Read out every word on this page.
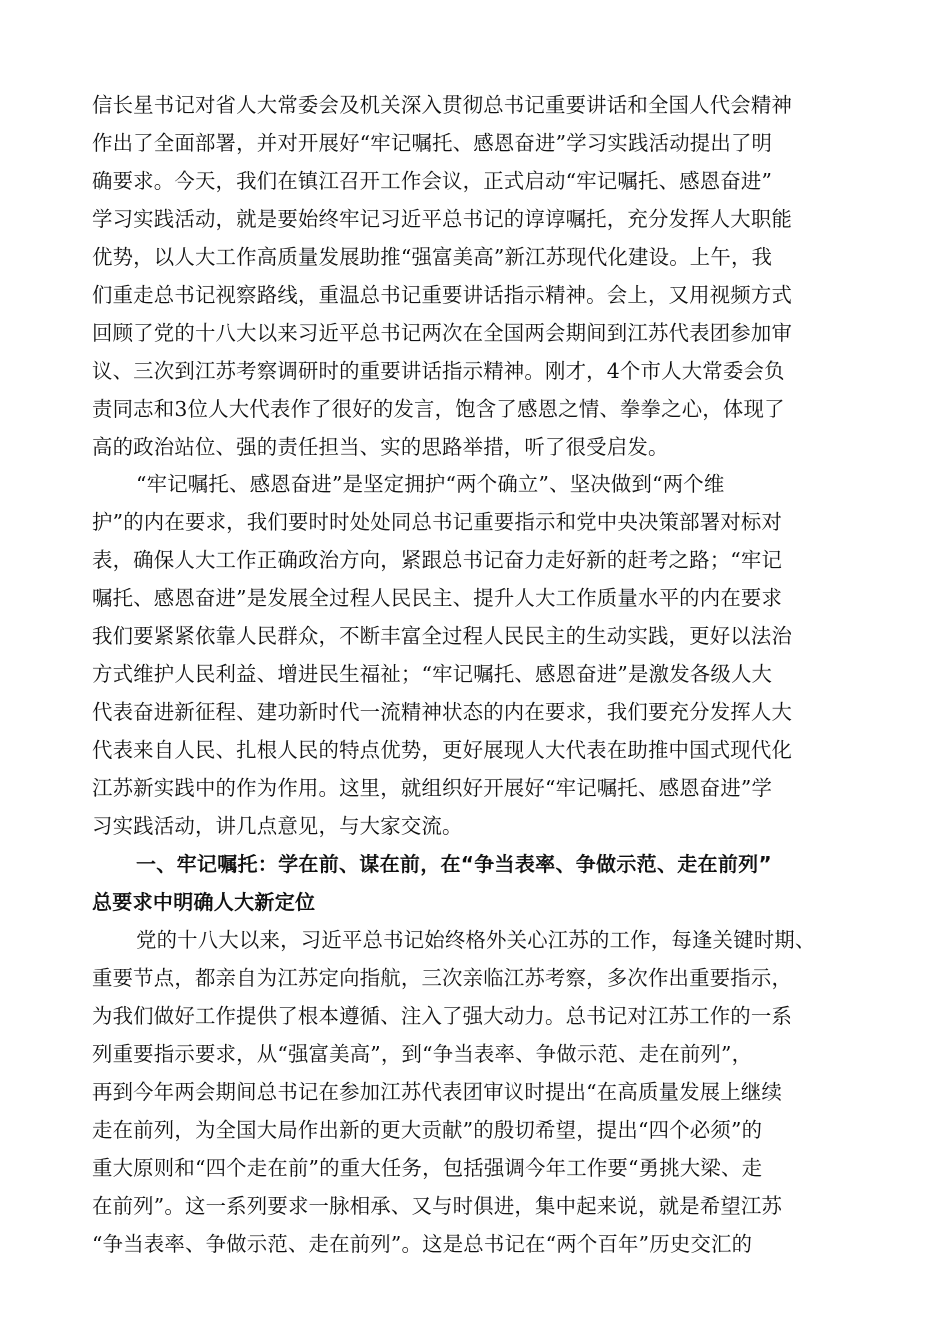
信长星书记对省人大常委会及机关深入贯彻总书记重要讲话和全国人代会精神
作出了全面部署，并对开展好“牢记嘱托、感恩奋进”学习实践活动提出了明
确要求。今天，我们在镇江召开工作会议，正式启动“牢记嘱托、感恩奋进”
学习实践活动，就是要始终牢记习近平总书记的谆谆嘱托，充分发挥人大职能
优势，以人大工作高质量发展助推“强富美高”新江苏现代化建设。上午，我
们重走总书记视察路线，重温总书记重要讲话指示精神。会上，又用视频方式
回顾了党的十八大以来习近平总书记两次在全国两会期间到江苏代表团参加审
议、三次到江苏考察调研时的重要讲话指示精神。刚才，4个市人大常委会负
责同志和3位人大代表作了很好的发言，饱含了感恩之情、拳拳之心，体现了
高的政治站位、强的责任担当、实的思路举措，听了很受启发。
“牢记嘱托、感恩奋进”是坚定拥护“两个确立”、坚决做到“两个维
护”的内在要求，我们要时时处处同总书记重要指示和党中央决策部署对标对
表，确保人大工作正确政治方向，紧跟总书记奋力走好新的赶考之路；“牢记
嘱托、感恩奋进”是发展全过程人民民主、提升人大工作质量水平的内在要求
我们要紧紧依靠人民群众，不断丰富全过程人民民主的生动实践，更好以法治
方式维护人民利益、增进民生福祉；“牢记嘱托、感恩奋进”是激发各级人大
代表奋进新征程、建功新时代一流精神状态的内在要求，我们要充分发挥人大
代表来自人民、扎根人民的特点优势，更好展现人大代表在助推中国式现代化
江苏新实践中的作为作用。这里，就组织好开展好“牢记嘱托、感恩奋进”学
习实践活动，讲几点意见，与大家交流。
一、牢记嘱托：学在前、谋在前，在“争当表率、争做示范、走在前列”
总要求中明确人大新定位
党的十八大以来，习近平总书记始终格外关心江苏的工作，每逢关键时期、
重要节点，都亲自为江苏定向指航，三次亲临江苏考察，多次作出重要指示，
为我们做好工作提供了根本遵循、注入了强大动力。总书记对江苏工作的一系
列重要指示要求，从“强富美高”，到“争当表率、争做示范、走在前列”，
再到今年两会期间总书记在参加江苏代表团审议时提出“在高质量发展上继续
走在前列，为全国大局作出新的更大贡献”的殷切希望，提出“四个必须”的
重大原则和“四个走在前”的重大任务，包括强调今年工作要“勇挑大梁、走
在前列”。这一系列要求一脉相承、又与时俱进，集中起来说，就是希望江苏
“争当表率、争做示范、走在前列”。这是总书记在“两个百年”历史交汇的
